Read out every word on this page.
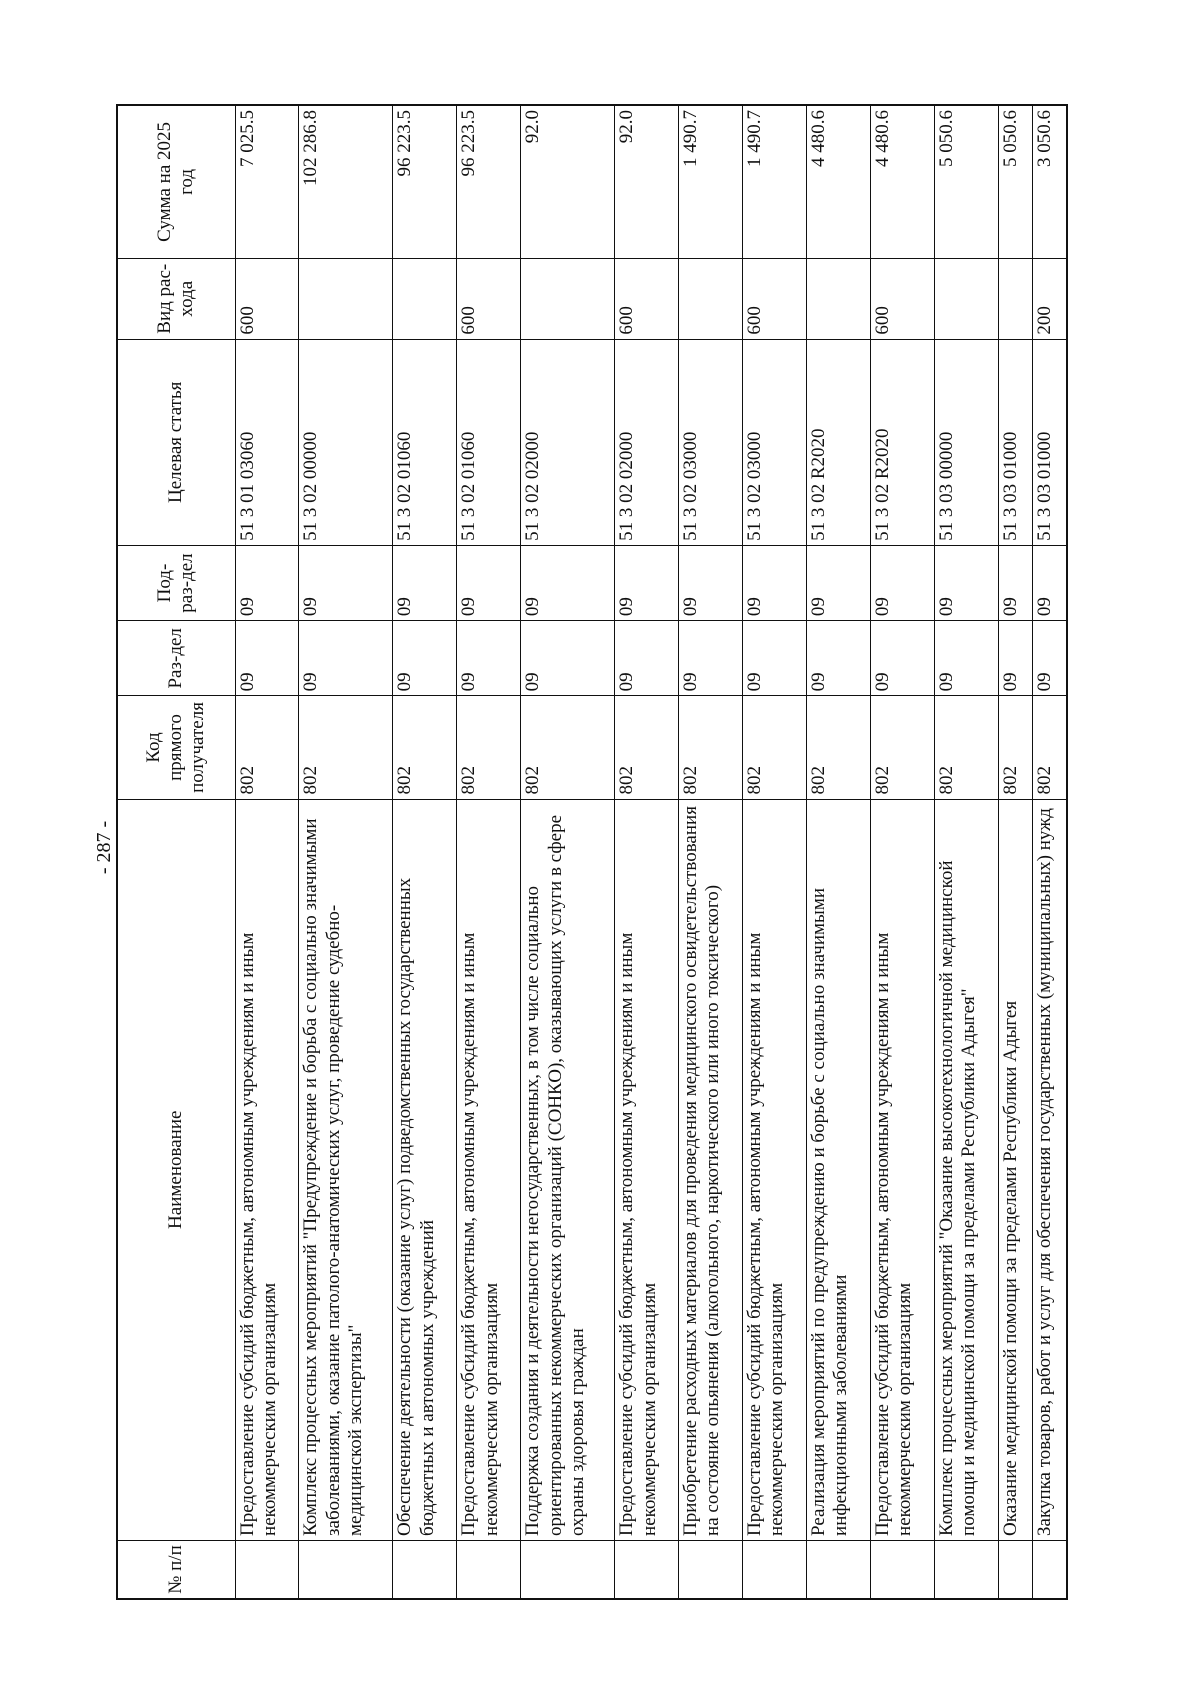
- 287 -
№ п/п	Наименование	Код прямого получателя	Раз-дел	Под-раз-дел	Целевая статья	Вид рас-хода	Сумма на 2025 год
	Предоставление субсидий бюджетным, автономным учреждениям и иным некоммерческим организациям	802	09	09	51 3 01 03060	600	7 025.5
	Комплекс процессных мероприятий "Предупреждение и борьба с социально значимыми заболеваниями, оказание патолого-анатомических услуг, проведение судебно-медицинской экспертизы"	802	09	09	51 3 02 00000		102 286.8
	Обеспечение деятельности (оказание услуг) подведомственных государственных бюджетных и автономных учреждений	802	09	09	51 3 02 01060		96 223.5
	Предоставление субсидий бюджетным, автономным учреждениям и иным некоммерческим организациям	802	09	09	51 3 02 01060	600	96 223.5
	Поддержка создания и деятельности негосударственных, в том числе социально ориентированных некоммерческих организаций (СОНКО), оказывающих услуги в сфере охраны здоровья граждан	802	09	09	51 3 02 02000		92.0
	Предоставление субсидий бюджетным, автономным учреждениям и иным некоммерческим организациям	802	09	09	51 3 02 02000	600	92.0
	Приобретение расходных материалов для проведения медицинского освидетельствования на состояние опьянения (алкогольного, наркотического или иного токсического)	802	09	09	51 3 02 03000		1 490.7
	Предоставление субсидий бюджетным, автономным учреждениям и иным некоммерческим организациям	802	09	09	51 3 02 03000	600	1 490.7
	Реализация мероприятий по предупреждению и борьбе с социально значимыми инфекционными заболеваниями	802	09	09	51 3 02 R2020		4 480.6
	Предоставление субсидий бюджетным, автономным учреждениям и иным некоммерческим организациям	802	09	09	51 3 02 R2020	600	4 480.6
	Комплекс процессных мероприятий "Оказание высокотехнологичной медицинской помощи и медицинской помощи за пределами Республики Адыгея"	802	09	09	51 3 03 00000		5 050.6
	Оказание медицинской помощи за пределами Республики Адыгея	802	09	09	51 3 03 01000		5 050.6
	Закупка товаров, работ и услуг для обеспечения государственных (муниципальных) нужд	802	09	09	51 3 03 01000	200	3 050.6
